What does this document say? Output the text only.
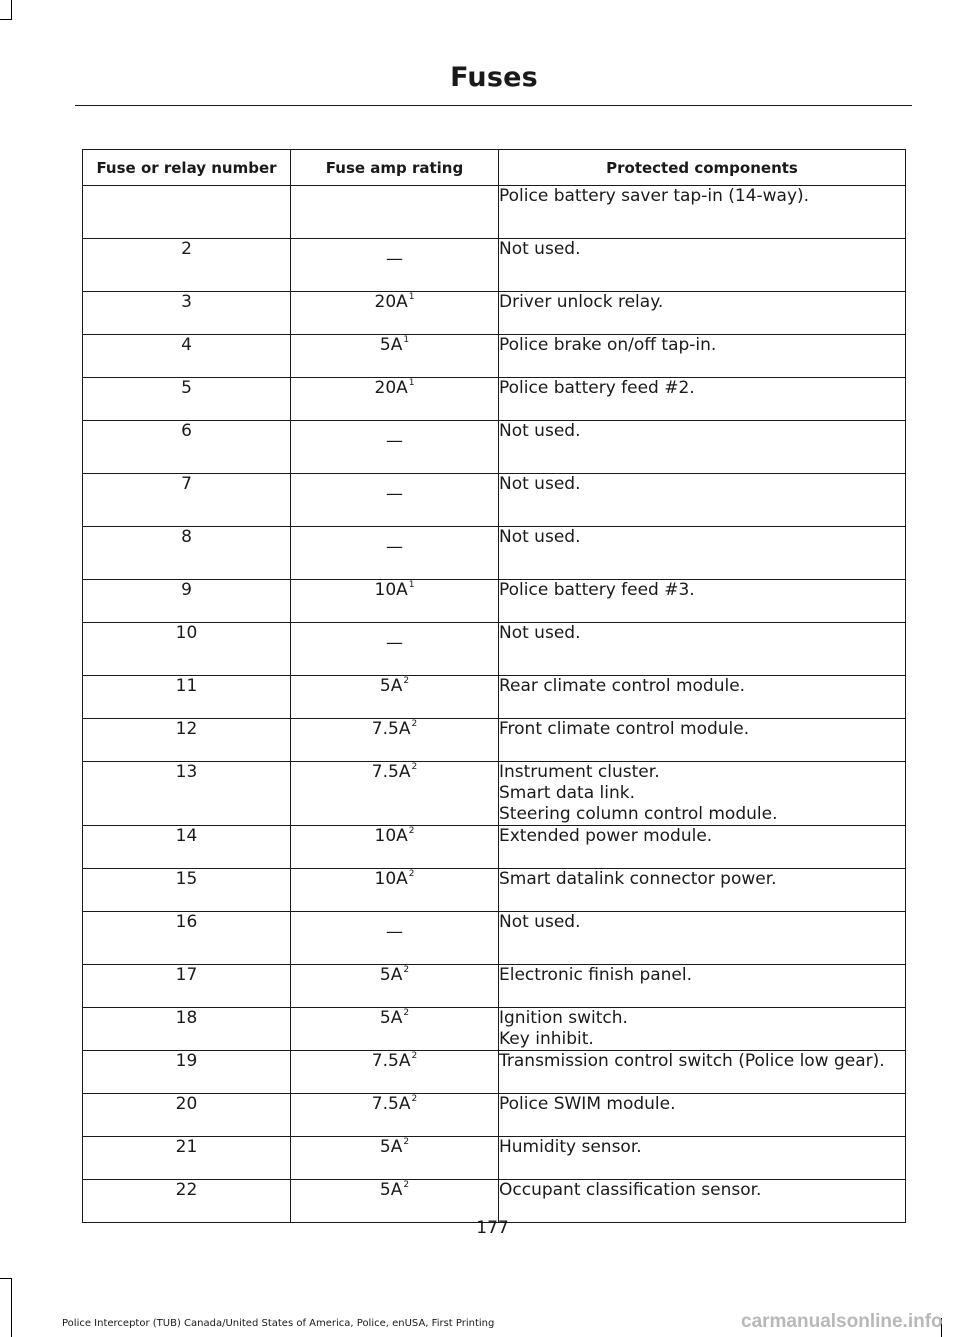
Fuses
Fuse or relay number	Fuse amp rating	Protected components

		Police battery saver tap-in (14-way).

2	—	Not used.

3	20A$^1$	Driver unlock relay.

4	5A$^1$	Police brake on/off tap-in.

5	20A$^1$	Police battery feed #2.

6	—	Not used.

7	—	Not used.

8	—	Not used.

9	10A$^1$	Police battery feed #3.

10	—	Not used.

11	5A$^2$	Rear climate control module.

12	7.5A$^2$	Front climate control module.

13	7.5A$^2$	Instrument cluster.
Smart data link.
Steering column control module.

14	10A$^2$	Extended power module.

15	10A$^2$	Smart datalink connector power.

16	—	Not used.

17	5A$^2$	Electronic finish panel.

18	5A$^2$	Ignition switch.
Key inhibit.

19	7.5A$^2$	Transmission control switch (Police low gear).

20	7.5A$^2$	Police SWIM module.

21	5A$^2$	Humidity sensor.

22	5A$^2$	Occupant classification sensor.
177
Police Interceptor (TUB) Canada/United States of America, Police, enUSA, First Printing	carmanualsonline.info
